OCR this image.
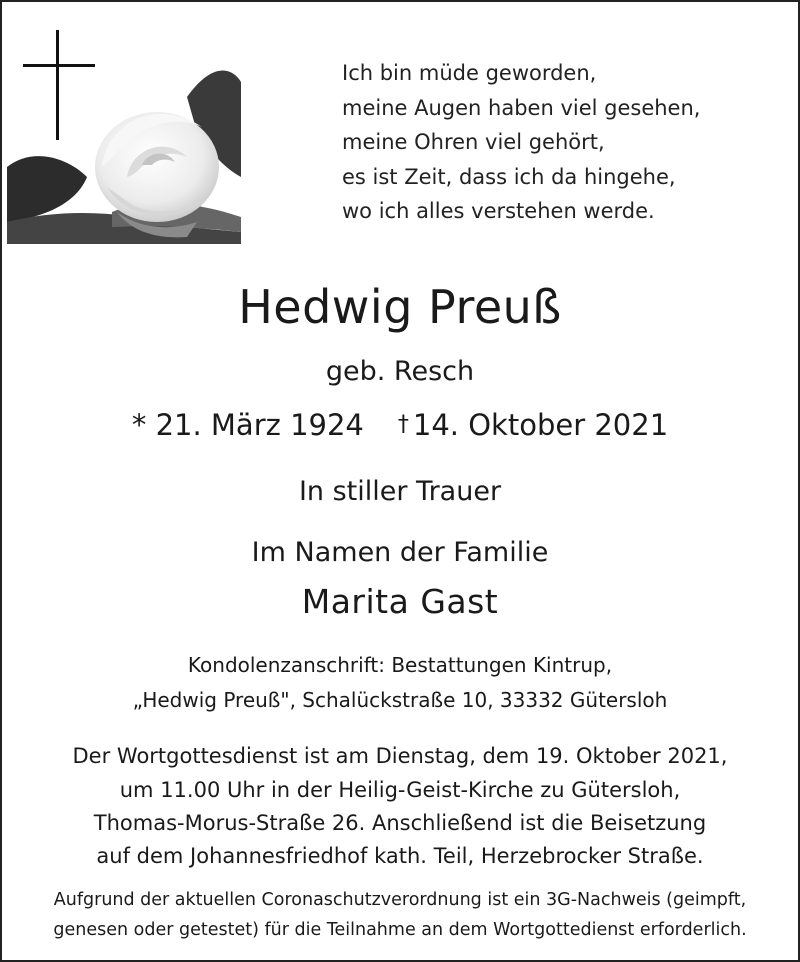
Ich bin müde geworden,
meine Augen haben viel gesehen,
meine Ohren viel gehört,
es ist Zeit, dass ich da hingehe,
wo ich alles verstehen werde.
Hedwig Preuß
geb. Resch
* 21. März 1924 † 14. Oktober 2021
In stiller Trauer
Im Namen der Familie
Marita Gast
Kondolenzanschrift: Bestattungen Kintrup,
„Hedwig Preuß", Schalückstraße 10, 33332 Gütersloh
Der Wortgottesdienst ist am Dienstag, dem 19. Oktober 2021,
um 11.00 Uhr in der Heilig-Geist-Kirche zu Gütersloh,
Thomas-Morus-Straße 26. Anschließend ist die Beisetzung
auf dem Johannesfriedhof kath. Teil, Herzebrocker Straße.
Aufgrund der aktuellen Coronaschutzverordnung ist ein 3G-Nachweis (geimpft,
genesen oder getestet) für die Teilnahme an dem Wortgottedienst erforderlich.
